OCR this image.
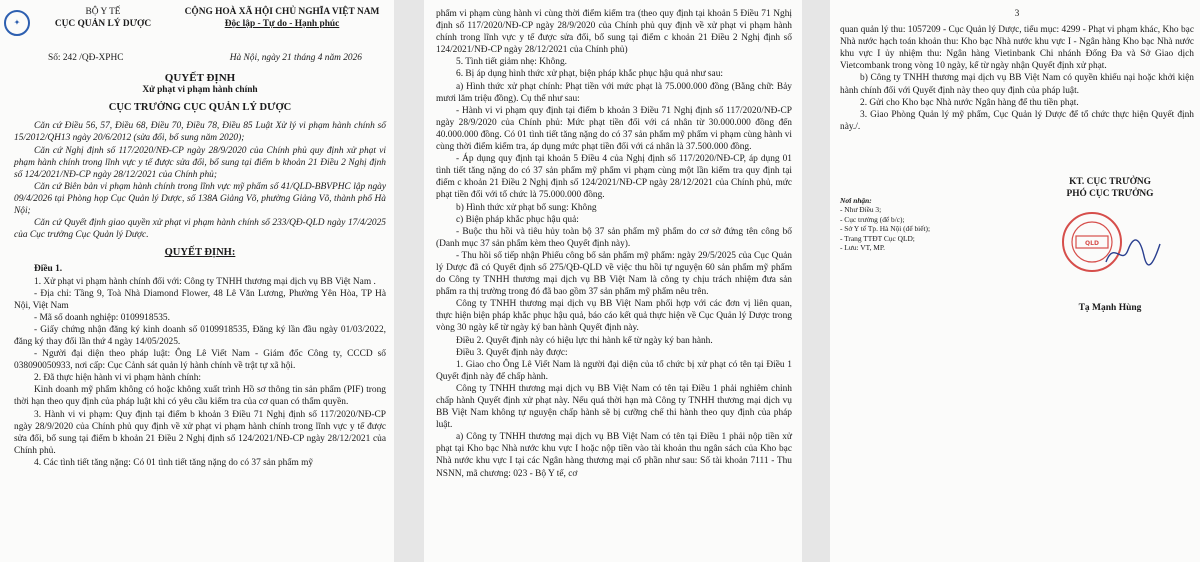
✦
BỘ Y TẾ
CỤC QUẢN LÝ DƯỢC
CỘNG HOÀ XÃ HỘI CHỦ NGHĨA VIỆT NAM
Độc lập - Tự do - Hạnh phúc
Số: 242 /QĐ-XPHC	Hà Nội, ngày 21 tháng 4 năm 2026
QUYẾT ĐỊNH
Xử phạt vi phạm hành chính
CỤC TRƯỞNG CỤC QUẢN LÝ DƯỢC

Căn cứ Điều 56, 57, Điều 68, Điều 70, Điều 78, Điều 85 Luật Xử lý vi phạm hành chính số 15/2012/QH13 ngày 20/6/2012 (sửa đổi, bổ sung năm 2020);

Căn cứ Nghị định số 117/2020/NĐ-CP ngày 28/9/2020 của Chính phủ quy định xử phạt vi phạm hành chính trong lĩnh vực y tế được sửa đổi, bổ sung tại điểm b khoản 21 Điều 2 Nghị định số 124/2021/NĐ-CP ngày 28/12/2021 của Chính phủ;

Căn cứ Biên bản vi phạm hành chính trong lĩnh vực mỹ phẩm số 41/QLD-BBVPHC lập ngày 09/4/2026 tại Phòng họp Cục Quản lý Dược, số 138A Giảng Võ, phường Giảng Võ, thành phố Hà Nội;

Căn cứ Quyết định giao quyền xử phạt vi phạm hành chính số 233/QĐ-QLD ngày 17/4/2025 của Cục trưởng Cục Quản lý Dược.

QUYẾT ĐỊNH:

Điều 1.

1. Xử phạt vi phạm hành chính đối với: Công ty TNHH thương mại dịch vụ BB Việt Nam .

- Địa chỉ: Tầng 9, Toà Nhà Diamond Flower, 48 Lê Văn Lương, Phường Yên Hòa, TP Hà Nội, Việt Nam

- Mã số doanh nghiệp: 0109918535.

- Giấy chứng nhận đăng ký kinh doanh số 0109918535, Đăng ký lần đầu ngày 01/03/2022, đăng ký thay đổi lần thứ 4 ngày 14/05/2025.

- Người đại diện theo pháp luật: Ông Lê Viết Nam - Giám đốc Công ty, CCCD số 038090050933, nơi cấp: Cục Cảnh sát quản lý hành chính về trật tự xã hội.

2. Đã thực hiện hành vi vi phạm hành chính:

Kinh doanh mỹ phẩm không có hoặc không xuất trình Hồ sơ thông tin sản phẩm (PIF) trong thời hạn theo quy định của pháp luật khi có yêu cầu kiểm tra của cơ quan có thẩm quyền.

3. Hành vi vi phạm: Quy định tại điểm b khoản 3 Điều 71 Nghị định số 117/2020/NĐ-CP ngày 28/9/2020 của Chính phủ quy định về xử phạt vi phạm hành chính trong lĩnh vực y tế được sửa đổi, bổ sung tại điểm b khoản 21 Điều 2 Nghị định số 124/2021/NĐ-CP ngày 28/12/2021 của Chính phủ.

4. Các tình tiết tăng nặng: Có 01 tình tiết tăng nặng do có 37 sản phẩm mỹ

phẩm vi phạm cùng hành vi cùng thời điểm kiểm tra (theo quy định tại khoản 5 Điều 71 Nghị định số 117/2020/NĐ-CP ngày 28/9/2020 của Chính phủ quy định về xử phạt vi phạm hành chính trong lĩnh vực y tế được sửa đổi, bổ sung tại điểm c khoản 21 Điều 2 Nghị định số 124/2021/NĐ-CP ngày 28/12/2021 của Chính phủ)

5. Tình tiết giảm nhẹ: Không.

6. Bị áp dụng hình thức xử phạt, biện pháp khắc phục hậu quả như sau:

a) Hình thức xử phạt chính: Phạt tiền với mức phạt là 75.000.000 đồng (Bằng chữ: Bảy mươi lăm triệu đồng). Cụ thể như sau:

- Hành vi vi phạm quy định tại điểm b khoản 3 Điều 71 Nghị định số 117/2020/NĐ-CP ngày 28/9/2020 của Chính phủ: Mức phạt tiền đối với cá nhân từ 30.000.000 đồng đến 40.000.000 đồng. Có 01 tình tiết tăng nặng do có 37 sản phẩm mỹ phẩm vi phạm cùng hành vi cùng thời điểm kiểm tra, áp dụng mức phạt tiền đối với cá nhân là 37.500.000 đồng.

- Áp dụng quy định tại khoản 5 Điều 4 của Nghị định số 117/2020/NĐ-CP, áp dụng 01 tình tiết tăng nặng do có 37 sản phẩm mỹ phẩm vi phạm cùng một lần kiểm tra quy định tại điểm c khoản 21 Điều 2 Nghị định số 124/2021/NĐ-CP ngày 28/12/2021 của Chính phủ, mức phạt tiền đối với tổ chức là 75.000.000 đồng.

b) Hình thức xử phạt bổ sung: Không

c) Biện pháp khắc phục hậu quả:

- Buộc thu hồi và tiêu hủy toàn bộ 37 sản phẩm mỹ phẩm do cơ sở đứng tên công bố (Danh mục 37 sản phẩm kèm theo Quyết định này).

- Thu hồi số tiếp nhận Phiếu công bố sản phẩm mỹ phẩm: ngày 29/5/2025 của Cục Quản lý Dược đã có Quyết định số 275/QĐ-QLD về việc thu hồi tự nguyện 60 sản phẩm mỹ phẩm do Công ty TNHH thương mại dịch vụ BB Việt Nam là công ty chịu trách nhiệm đưa sản phẩm ra thị trường trong đó đã bao gồm 37 sản phẩm mỹ phẩm nêu trên.

Công ty TNHH thương mại dịch vụ BB Việt Nam phối hợp với các đơn vị liên quan, thực hiện biện pháp khắc phục hậu quả, báo cáo kết quả thực hiện về Cục Quản lý Dược trong vòng 30 ngày kể từ ngày ký ban hành Quyết định này.

Điều 2. Quyết định này có hiệu lực thi hành kể từ ngày ký ban hành.

Điều 3. Quyết định này được:

1. Giao cho Ông Lê Viết Nam là người đại diện của tổ chức bị xử phạt có tên tại Điều 1 Quyết định này để chấp hành.

Công ty TNHH thương mại dịch vụ BB Việt Nam có tên tại Điều 1 phải nghiêm chỉnh chấp hành Quyết định xử phạt này. Nếu quá thời hạn mà Công ty TNHH thương mại dịch vụ BB Việt Nam không tự nguyện chấp hành sẽ bị cưỡng chế thi hành theo quy định của pháp luật.

a) Công ty TNHH thương mại dịch vụ BB Việt Nam có tên tại Điều 1 phải nộp tiền xử phạt tại Kho bạc Nhà nước khu vực I hoặc nộp tiền vào tài khoản thu ngân sách của Kho bạc Nhà nước khu vực I tại các Ngân hàng thương mại cổ phần như sau: Số tài khoản 7111 - Thu NSNN, mã chương: 023 - Bộ Y tế, cơ

3

quan quản lý thu: 1057209 - Cục Quản lý Dược, tiểu mục: 4299 - Phạt vi phạm khác, Kho bạc Nhà nước hạch toán khoản thu: Kho bạc Nhà nước khu vực I - Ngân hàng Kho bạc Nhà nước khu vực I ủy nhiệm thu: Ngân hàng Vietinbank Chi nhánh Đống Đa và Sở Giao dịch Vietcombank trong vòng 10 ngày, kể từ ngày nhận Quyết định xử phạt.

b) Công ty TNHH thương mại dịch vụ BB Việt Nam có quyền khiếu nại hoặc khởi kiện hành chính đối với Quyết định này theo quy định của pháp luật.

2. Gửi cho Kho bạc Nhà nước Ngân hàng để thu tiền phạt.

3. Giao Phòng Quản lý mỹ phẩm, Cục Quản lý Dược để tổ chức thực hiện Quyết định này./.

Nơi nhận:
- Như Điều 3;
- Cục trưởng (để b/c);
- Sở Y tế Tp. Hà Nội (để biết);
- Trang TTĐT Cục QLD;
- Lưu: VT, MP.
KT. CỤC TRƯỞNG
PHÓ CỤC TRƯỞNG
QLD
Tạ Mạnh Hùng
